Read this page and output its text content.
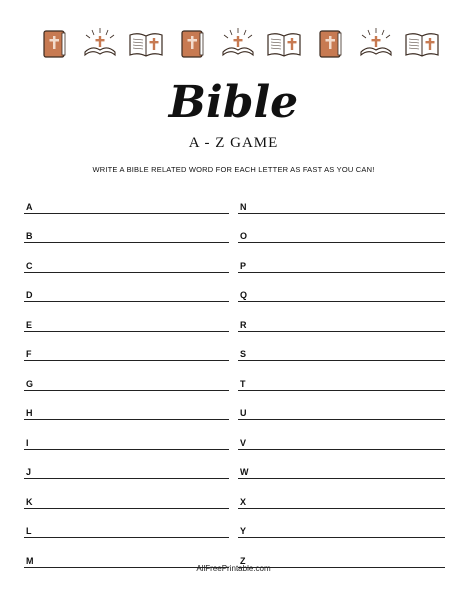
Bible
A - Z GAME
WRITE A BIBLE RELATED WORD FOR EACH LETTER AS FAST AS YOU CAN!
A
B
C
D
E
F
G
H
I
J
K
L
M
N
O
P
Q
R
S
T
U
V
W
X
Y
Z
AllFreePrintable.com
